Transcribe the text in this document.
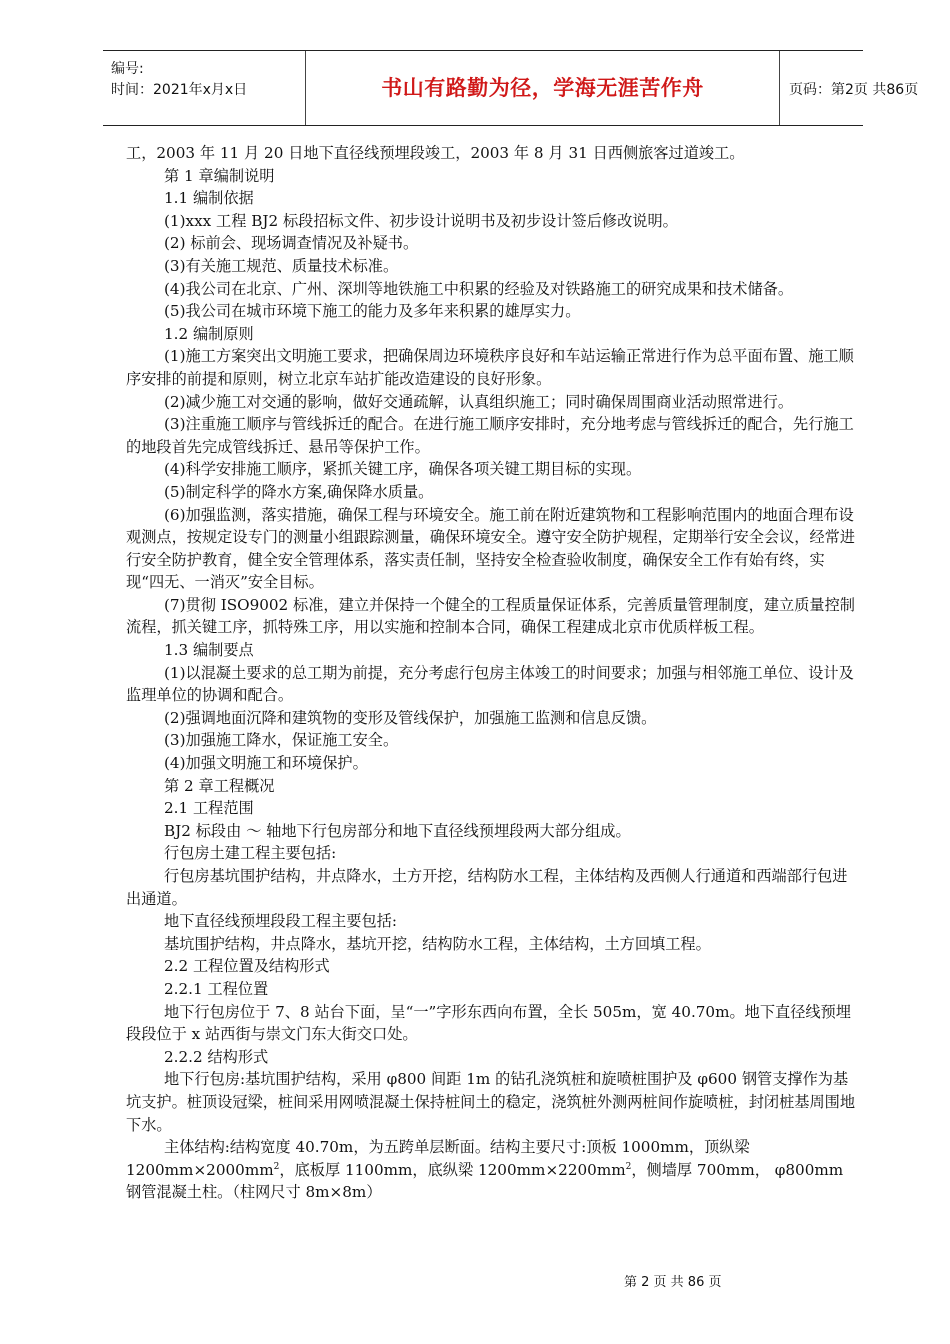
编号:
时间：2021年x月x日	书山有路勤为径，学海无涯苦作舟	页码：第2页 共86页

工，2003 年 11 月 20 日地下直径线预埋段竣工，2003 年 8 月 31 日西侧旅客过道竣工。

第 1 章编制说明

1.1 编制依据

(1)xxx 工程 BJ2 标段招标文件、初步设计说明书及初步设计签后修改说明。

(2) 标前会、现场调查情况及补疑书。

(3)有关施工规范、质量技术标准。

(4)我公司在北京、广州、深圳等地铁施工中积累的经验及对铁路施工的研究成果和技术储备。

(5)我公司在城市环境下施工的能力及多年来积累的雄厚实力。

1.2 编制原则

(1)施工方案突出文明施工要求，把确保周边环境秩序良好和车站运输正常进行作为总平面布置、施工顺序安排的前提和原则，树立北京车站扩能改造建设的良好形象。

(2)减少施工对交通的影响，做好交通疏解，认真组织施工；同时确保周围商业活动照常进行。

(3)注重施工顺序与管线拆迁的配合。在进行施工顺序安排时，充分地考虑与管线拆迁的配合，先行施工的地段首先完成管线拆迁、悬吊等保护工作。

(4)科学安排施工顺序，紧抓关键工序，确保各项关键工期目标的实现。

(5)制定科学的降水方案,确保降水质量。

(6)加强监测，落实措施，确保工程与环境安全。施工前在附近建筑物和工程影响范围内的地面合理布设观测点，按规定设专门的测量小组跟踪测量，确保环境安全。遵守安全防护规程，定期举行安全会议，经常进行安全防护教育，健全安全管理体系，落实责任制，坚持安全检查验收制度，确保安全工作有始有终，实现“四无、一消灭”安全目标。

(7)贯彻 ISO9002 标准，建立并保持一个健全的工程质量保证体系，完善质量管理制度，建立质量控制流程，抓关键工序，抓特殊工序，用以实施和控制本合同，确保工程建成北京市优质样板工程。

1.3 编制要点

(1)以混凝土要求的总工期为前提，充分考虑行包房主体竣工的时间要求；加强与相邻施工单位、设计及监理单位的协调和配合。

(2)强调地面沉降和建筑物的变形及管线保护，加强施工监测和信息反馈。

(3)加强施工降水，保证施工安全。

(4)加强文明施工和环境保护。

第 2 章工程概况

2.1 工程范围

BJ2 标段由 ～ 轴地下行包房部分和地下直径线预埋段两大部分组成。

行包房土建工程主要包括:

行包房基坑围护结构，井点降水，土方开挖，结构防水工程，主体结构及西侧人行通道和西端部行包进出通道。

地下直径线预埋段段工程主要包括:

基坑围护结构，井点降水，基坑开挖，结构防水工程，主体结构，土方回填工程。

2.2 工程位置及结构形式

2.2.1 工程位置

地下行包房位于 7、8 站台下面，呈“一”字形东西向布置，全长 505m，宽 40.70m。地下直径线预埋段段位于 x 站西街与崇文门东大街交口处。

2.2.2 结构形式

地下行包房:基坑围护结构，采用 φ800 间距 1m 的钻孔浇筑桩和旋喷桩围护及 φ600 钢管支撑作为基坑支护。桩顶设冠梁，桩间采用网喷混凝土保持桩间土的稳定，浇筑桩外测两桩间作旋喷桩，封闭桩基周围地下水。

主体结构:结构宽度 40.70m，为五跨单层断面。结构主要尺寸:顶板 1000mm，顶纵梁 $1200mm\times 2000mm^2$，底板厚 1100mm，底纵梁 $1200mm\times 2200mm^2$，侧墙厚 700mm， φ800mm 钢管混凝土柱。（柱网尺寸 8m×8m）

第 2 页 共 86 页
